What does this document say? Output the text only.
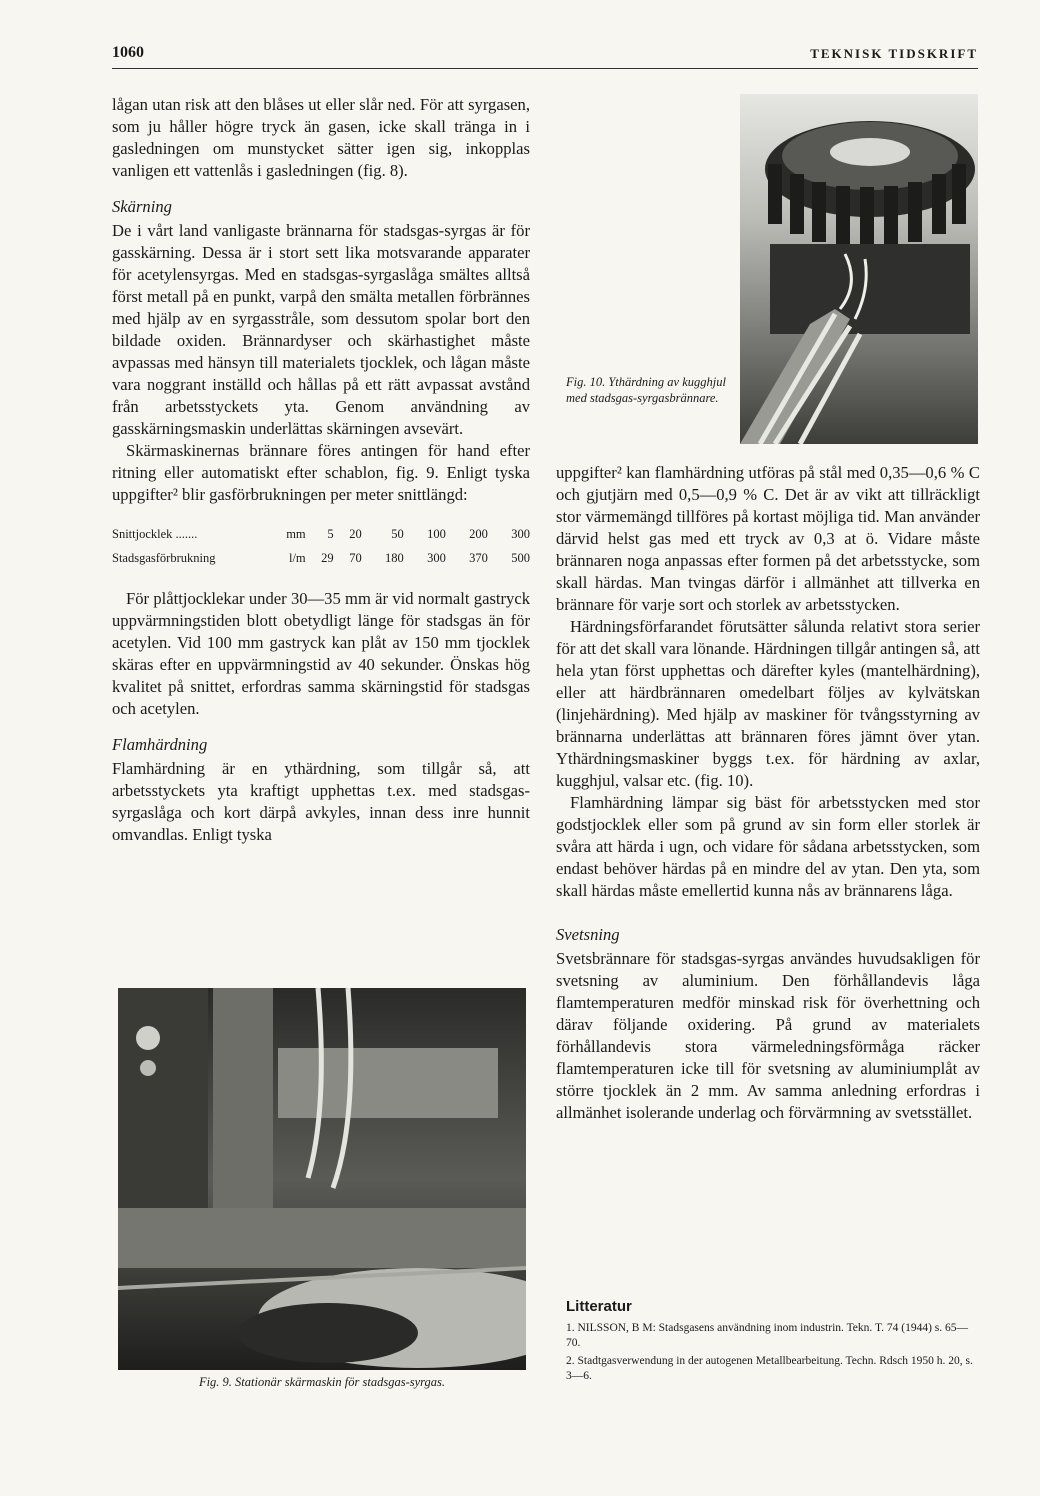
1060	TEKNISK TIDSKRIFT

lågan utan risk att den blåses ut eller slår ned. För att syrgasen, som ju håller högre tryck än gasen, icke skall tränga in i gasledningen om munstycket sätter igen sig, inkopplas vanligen ett vattenlås i gasledningen (fig. 8).

Skärning

De i vårt land vanligaste brännarna för stadsgas-syrgas är för gasskärning. Dessa är i stort sett lika motsvarande apparater för acetylensyrgas. Med en stadsgas-syrgaslåga smältes alltså först metall på en punkt, varpå den smälta metallen förbrännes med hjälp av en syrgasstråle, som dessutom spolar bort den bildade oxiden. Brännardyser och skärhastighet måste avpassas med hänsyn till materialets tjocklek, och lågan måste vara noggrant inställd och hållas på ett rätt avpassat avstånd från arbetsstyckets yta. Genom användning av gasskärningsmaskin underlättas skärningen avsevärt.

Skärmaskinernas brännare föres antingen för hand efter ritning eller automatiskt efter schablon, fig. 9. Enligt tyska uppgifter² blir gasförbrukningen per meter snittlängd:

Snittjocklek .......	mm	5	20	50	100	200	300
Stadsgasförbrukning	l/m	29	70	180	300	370	500

För plåttjocklekar under 30—35 mm är vid normalt gastryck uppvärmningstiden blott obetydligt länge för stadsgas än för acetylen. Vid 100 mm gastryck kan plåt av 150 mm tjocklek skäras efter en uppvärmningstid av 40 sekunder. Önskas hög kvalitet på snittet, erfordras samma skärningstid för stadsgas och acetylen.

Flamhärdning

Flamhärdning är en ythärdning, som tillgår så, att arbetsstyckets yta kraftigt upphettas t.ex. med stadsgas-syrgaslåga och kort därpå avkyles, innan dess inre hunnit omvandlas. Enligt tyska

Fig. 10. Ythärdning av kugghjul med stadsgas-syrgasbrännare.
Fig. 9. Stationär skärmaskin för stadsgas-syrgas.

uppgifter² kan flamhärdning utföras på stål med 0,35—0,6 % C och gjutjärn med 0,5—0,9 % C. Det är av vikt att tillräckligt stor värmemängd tillföres på kortast möjliga tid. Man använder därvid helst gas med ett tryck av 0,3 at ö. Vidare måste brännaren noga anpassas efter formen på det arbetsstycke, som skall härdas. Man tvingas därför i allmänhet att tillverka en brännare för varje sort och storlek av arbetsstycken.

Härdningsförfarandet förutsätter sålunda relativt stora serier för att det skall vara lönande. Härdningen tillgår antingen så, att hela ytan först upphettas och därefter kyles (mantelhärdning), eller att härdbrännaren omedelbart följes av kylvätskan (linjehärdning). Med hjälp av maskiner för tvångsstyrning av brännarna underlättas att brännaren föres jämnt över ytan. Ythärdningsmaskiner byggs t.ex. för härdning av axlar, kugghjul, valsar etc. (fig. 10).

Flamhärdning lämpar sig bäst för arbetsstycken med stor godstjocklek eller som på grund av sin form eller storlek är svåra att härda i ugn, och vidare för sådana arbetsstycken, som endast behöver härdas på en mindre del av ytan. Den yta, som skall härdas måste emellertid kunna nås av brännarens låga.

Svetsning

Svetsbrännare för stadsgas-syrgas användes huvudsakligen för svetsning av aluminium. Den förhållandevis låga flamtemperaturen medför minskad risk för överhettning och därav följande oxidering. På grund av materialets förhållandevis stora värmeledningsförmåga räcker flamtemperaturen icke till för svetsning av aluminiumplåt av större tjocklek än 2 mm. Av samma anledning erfordras i allmänhet isolerande underlag och förvärmning av svetsstället.

Litteratur

1. NILSSON, B M: Stadsgasens användning inom industrin. Tekn. T. 74 (1944) s. 65—70.

2. Stadtgasverwendung in der autogenen Metallbearbeitung. Techn. Rdsch 1950 h. 20, s. 3—6.
